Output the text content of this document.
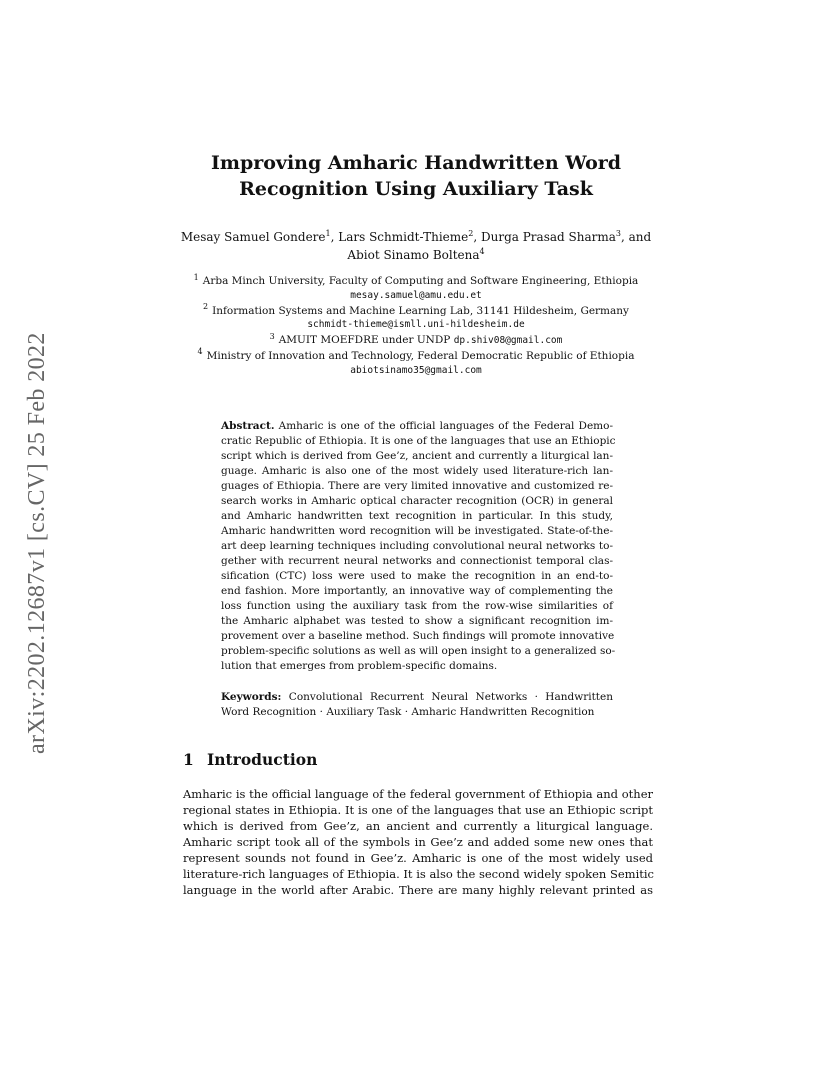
arXiv:2202.12687v1 [cs.CV] 25 Feb 2022
Improving Amharic Handwritten Word
Recognition Using Auxiliary Task
Mesay Samuel Gondere$^1$, Lars Schmidt-Thieme$^2$, Durga Prasad Sharma$^3$, and
Abiot Sinamo Boltena$^4$
$^1$ Arba Minch University, Faculty of Computing and Software Engineering, Ethiopia
mesay.samuel@amu.edu.et
$^2$ Information Systems and Machine Learning Lab, 31141 Hildesheim, Germany
schmidt-thieme@ismll.uni-hildesheim.de
$^3$ AMUIT MOEFDRE under UNDP dp.shiv08@gmail.com
$^4$ Ministry of Innovation and Technology, Federal Democratic Republic of Ethiopia
abiotsinamo35@gmail.com
Abstract. Amharic is one of the official languages of the Federal Demo-
cratic Republic of Ethiopia. It is one of the languages that use an Ethiopic
script which is derived from Gee’z, ancient and currently a liturgical lan-
guage. Amharic is also one of the most widely used literature-rich lan-
guages of Ethiopia. There are very limited innovative and customized re-
search works in Amharic optical character recognition (OCR) in general
and Amharic handwritten text recognition in particular. In this study,
Amharic handwritten word recognition will be investigated. State-of-the-
art deep learning techniques including convolutional neural networks to-
gether with recurrent neural networks and connectionist temporal clas-
sification (CTC) loss were used to make the recognition in an end-to-
end fashion. More importantly, an innovative way of complementing the
loss function using the auxiliary task from the row-wise similarities of
the Amharic alphabet was tested to show a significant recognition im-
provement over a baseline method. Such findings will promote innovative
problem-specific solutions as well as will open insight to a generalized so-
lution that emerges from problem-specific domains.
Keywords: Convolutional Recurrent Neural Networks · Handwritten
Word Recognition · Auxiliary Task · Amharic Handwritten Recognition
1 Introduction
Amharic is the official language of the federal government of Ethiopia and other
regional states in Ethiopia. It is one of the languages that use an Ethiopic script
which is derived from Gee’z, an ancient and currently a liturgical language.
Amharic script took all of the symbols in Gee’z and added some new ones that
represent sounds not found in Gee’z. Amharic is one of the most widely used
literature-rich languages of Ethiopia. It is also the second widely spoken Semitic
language in the world after Arabic. There are many highly relevant printed as
